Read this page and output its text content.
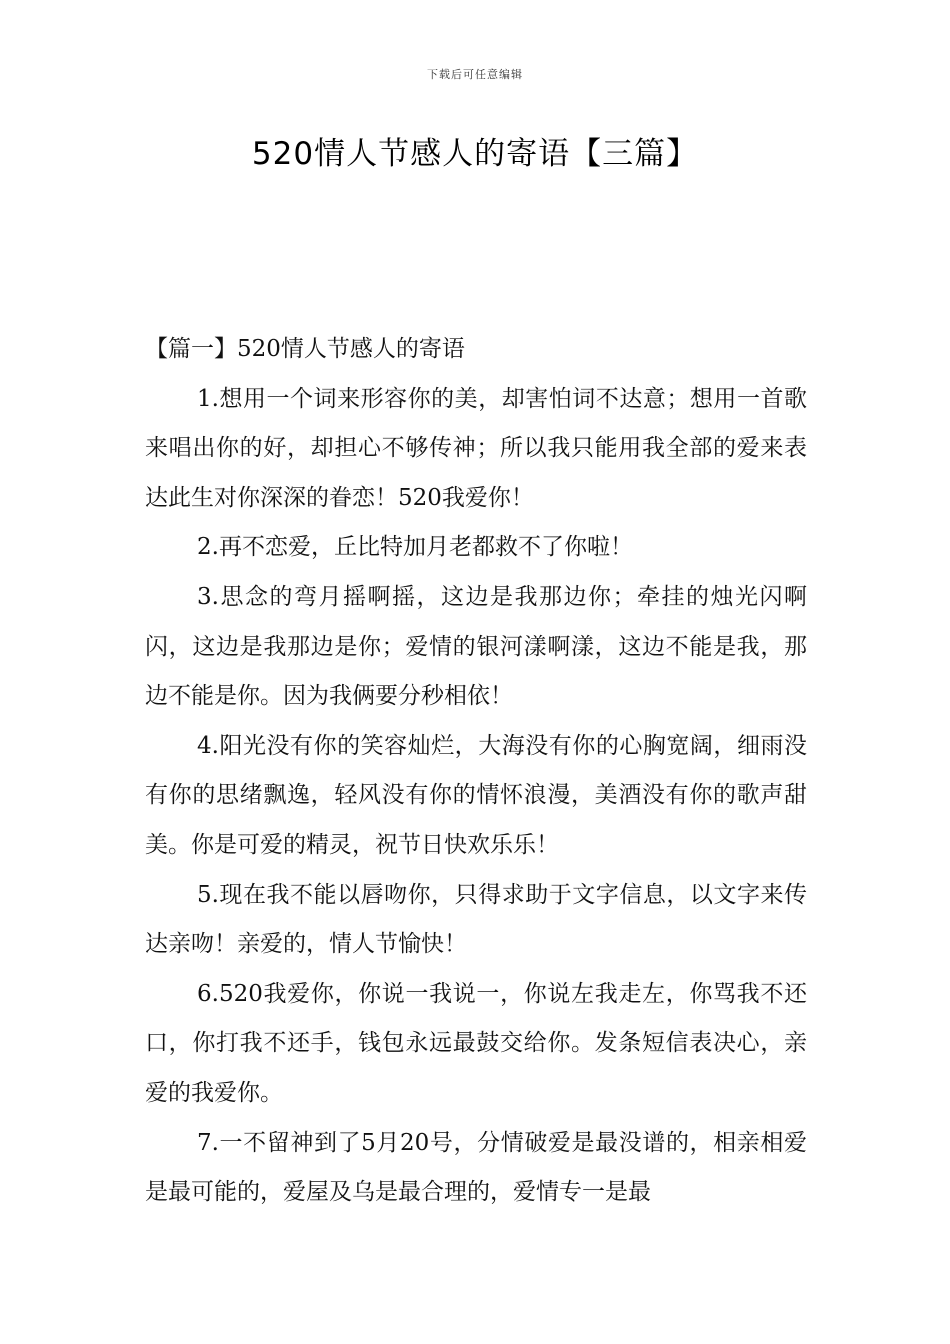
下载后可任意编辑
520情人节感人的寄语【三篇】
【篇一】520情人节感人的寄语

1.想用一个词来形容你的美，却害怕词不达意；想用一首歌来唱出你的好，却担心不够传神；所以我只能用我全部的爱来表达此生对你深深的眷恋！520我爱你！

2.再不恋爱，丘比特加月老都救不了你啦！

3.思念的弯月摇啊摇，这边是我那边你；牵挂的烛光闪啊闪，这边是我那边是你；爱情的银河漾啊漾，这边不能是我，那边不能是你。因为我俩要分秒相依！

4.阳光没有你的笑容灿烂，大海没有你的心胸宽阔，细雨没有你的思绪飘逸，轻风没有你的情怀浪漫，美酒没有你的歌声甜美。你是可爱的精灵，祝节日快欢乐乐！

5.现在我不能以唇吻你，只得求助于文字信息，以文字来传达亲吻！亲爱的，情人节愉快！

6.520我爱你，你说一我说一，你说左我走左，你骂我不还口，你打我不还手，钱包永远最鼓交给你。发条短信表决心，亲爱的我爱你。

7.一不留神到了5月20号，分情破爱是最没谱的，相亲相爱是最可能的，爱屋及乌是最合理的，爱情专一是最
